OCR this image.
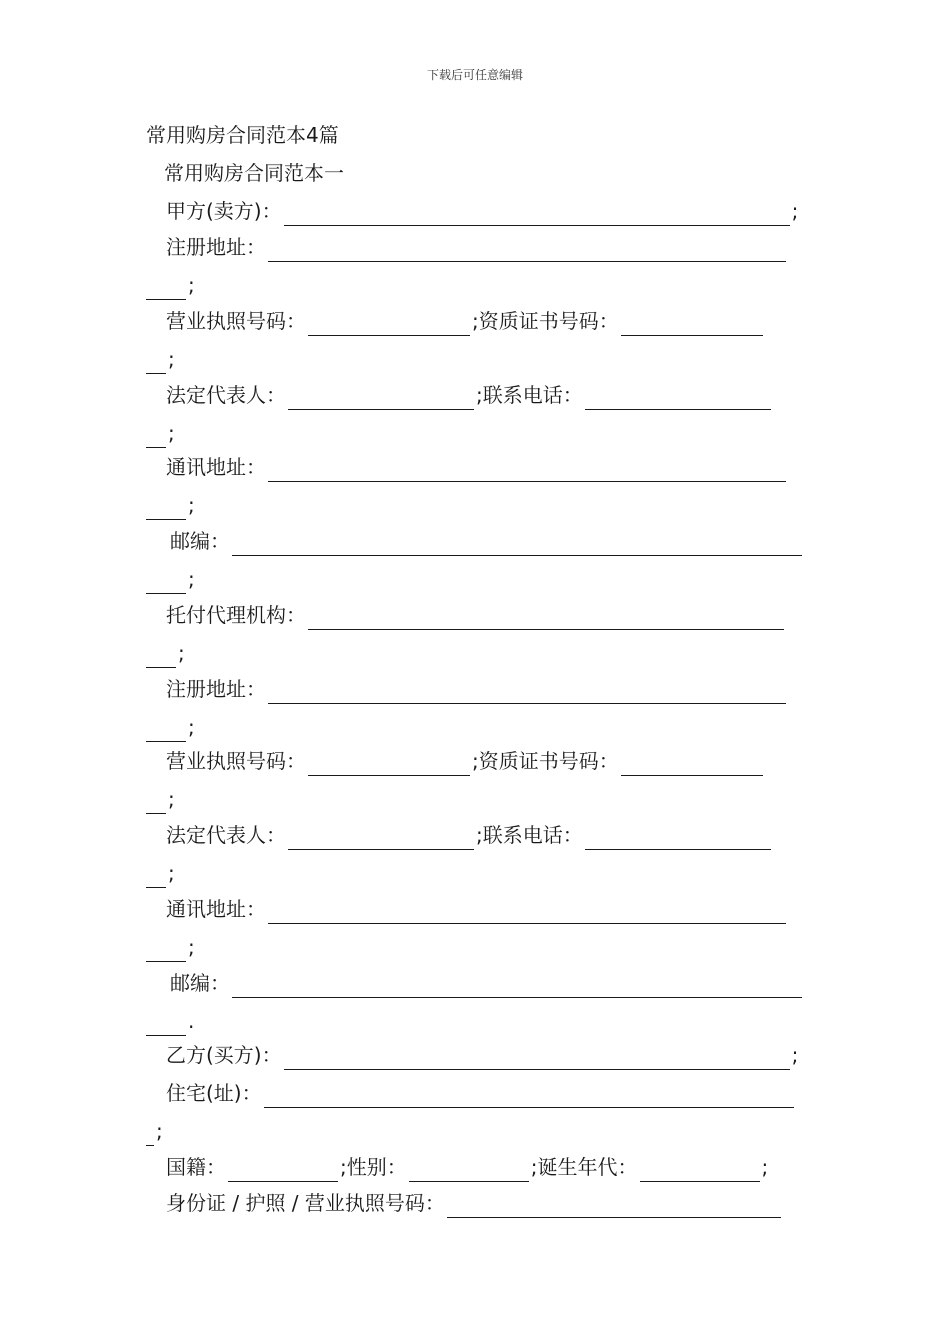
下载后可任意编辑
常用购房合同范本4篇
常用购房合同范本一
甲方(卖方)：	;
注册地址：
;
营业执照号码：	;资质证书号码：
;
法定代表人：	;联系电话：
;
通讯地址：
;
邮编：
;
托付代理机构：
;
注册地址：
;
营业执照号码：	;资质证书号码：
;
法定代表人：	;联系电话：
;
通讯地址：
;
邮编：
.
乙方(买方)：	;
住宅(址)：
;
国籍：	;性别：	;诞生年代：	;
身份证 / 护照 / 营业执照号码：
